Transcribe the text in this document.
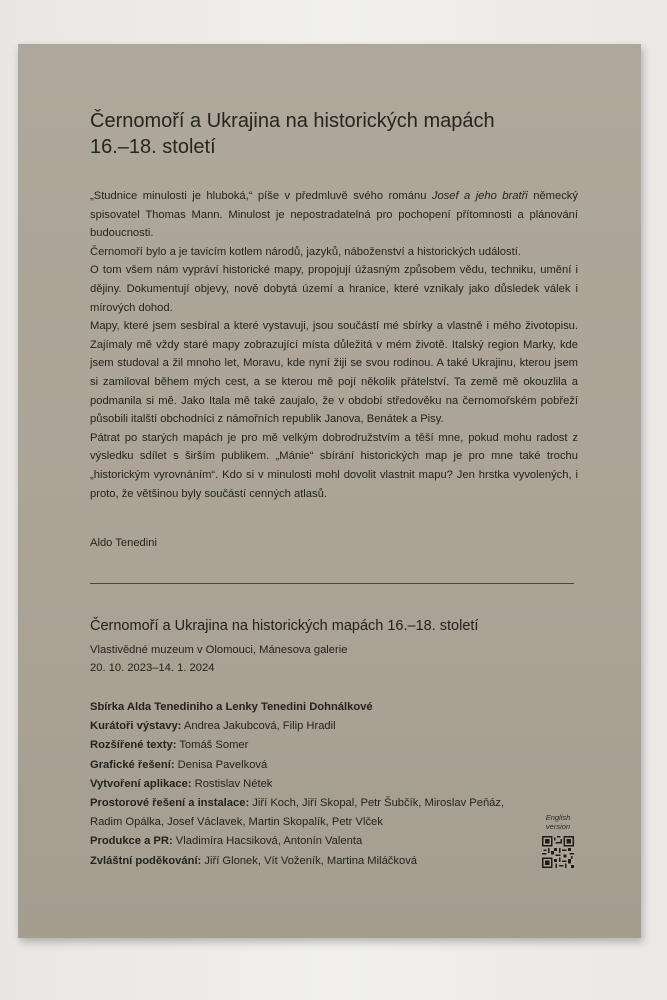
Černomoří a Ukrajina na historických mapách
16.–18. století

„Studnice minulosti je hluboká,“ píše v předmluvě svého románu Josef a jeho bratři německý spisovatel Thomas Mann. Minulost je nepostradatelná pro pochopení přítomnosti a plánování budoucnosti.

Černomoří bylo a je tavicím kotlem národů, jazyků, náboženství a historických událostí.

O tom všem nám vypráví historické mapy, propojují úžasným způsobem vědu, techniku, umění i dějiny. Dokumentují objevy, nově dobytá území a hranice, které vznikaly jako důsledek válek i mírových dohod.

Mapy, které jsem sesbíral a které vystavuji, jsou součástí mé sbírky a vlastně i mého životopisu. Zajímaly mě vždy staré mapy zobrazující místa důležitá v mém životě. Italský region Marky, kde jsem studoval a žil mnoho let, Moravu, kde nyní žiji se svou rodinou. A také Ukrajinu, kterou jsem si zamiloval během mých cest, a se kterou mě pojí několik přátelství. Ta země mě okouzlila a podmanila si mě. Jako Itala mě také zaujalo, že v období středověku na černomořském pobřeží působili italští obchodníci z námořních republik Janova, Benátek a Pisy.

Pátrat po starých mapách je pro mě velkým dobrodružstvím a těší mne, pokud mohu radost z výsledku sdílet s širším publikem. „Mánie“ sbírání historických map je pro mne také trochu „historickým vyrovnáním“. Kdo si v minulosti mohl dovolit vlastnit mapu? Jen hrstka vyvolených, i proto, že většinou byly součástí cenných atlasů.

Aldo Tenedini
Černomoří a Ukrajina na historických mapách 16.–18. století
Vlastivědné muzeum v Olomouci, Mánesova galerie
20. 10. 2023–14. 1. 2024
Sbírka Alda Tenediniho a Lenky Tenedini Dohnálkové
Kurátoři výstavy: Andrea Jakubcová, Filip Hradil
Rozšířené texty: Tomáš Somer
Grafické řešení: Denisa Pavelková
Vytvoření aplikace: Rostislav Nétek
Prostorové řešení a instalace: Jiří Koch, Jiří Skopal, Petr Šubčík, Miroslav Peňáz,
Radim Opálka, Josef Václavek, Martin Skopalík, Petr Vlček
Produkce a PR: Vladimíra Hacsiková, Antonín Valenta
Zvláštní poděkování: Jiří Glonek, Vít Voženík, Martina Miláčková
English
version
